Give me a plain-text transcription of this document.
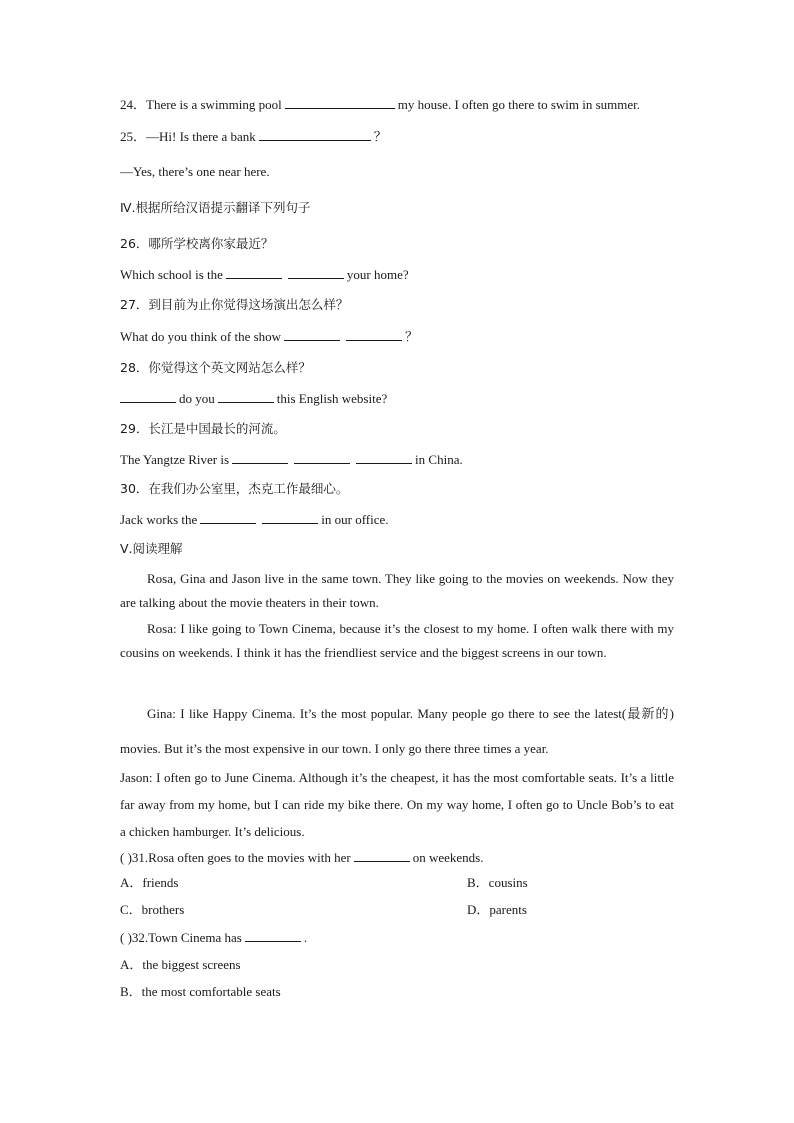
24．There is a swimming pool	my house. I often go there to swim in summer.
25．—Hi! Is there a bank	？
—Yes, there’s one near here.
Ⅳ.根据所给汉语提示翻译下列句子
26．哪所学校离你家最近？
Which school is the	your home?
27．到目前为止你觉得这场演出怎么样？
What do you think of the show	？
28．你觉得这个英文网站怎么样？
do you	this English website?
29．长江是中国最长的河流。
The Yangtze River is	in China.
30．在我们办公室里，杰克工作最细心。
Jack works the	in our office.
Ⅴ.阅读理解
Rosa, Gina and Jason live in the same town. They like going to the movies on weekends. Now they are talking about the movie theaters in their town.
Rosa: I like going to Town Cinema, because it’s the closest to my home. I often walk there with my cousins on weekends. I think it has the friendliest service and the biggest screens in our town.
Gina: I like Happy Cinema. It’s the most popular. Many people go there to see the latest(最新的) movies. But it’s the most expensive in our town. I only go there three times a year.
Jason: I often go to June Cinema. Although it’s the cheapest, it has the most comfortable seats. It’s a little far away from my home, but I can ride my bike there. On my way home, I often go to Uncle Bob’s to eat a chicken hamburger. It’s delicious.
( )31.Rosa often goes to the movies with her	on weekends.
A．friends	B．cousins
C．brothers	D．parents
( )32.Town Cinema has	.
A．the biggest screens
B．the most comfortable seats
